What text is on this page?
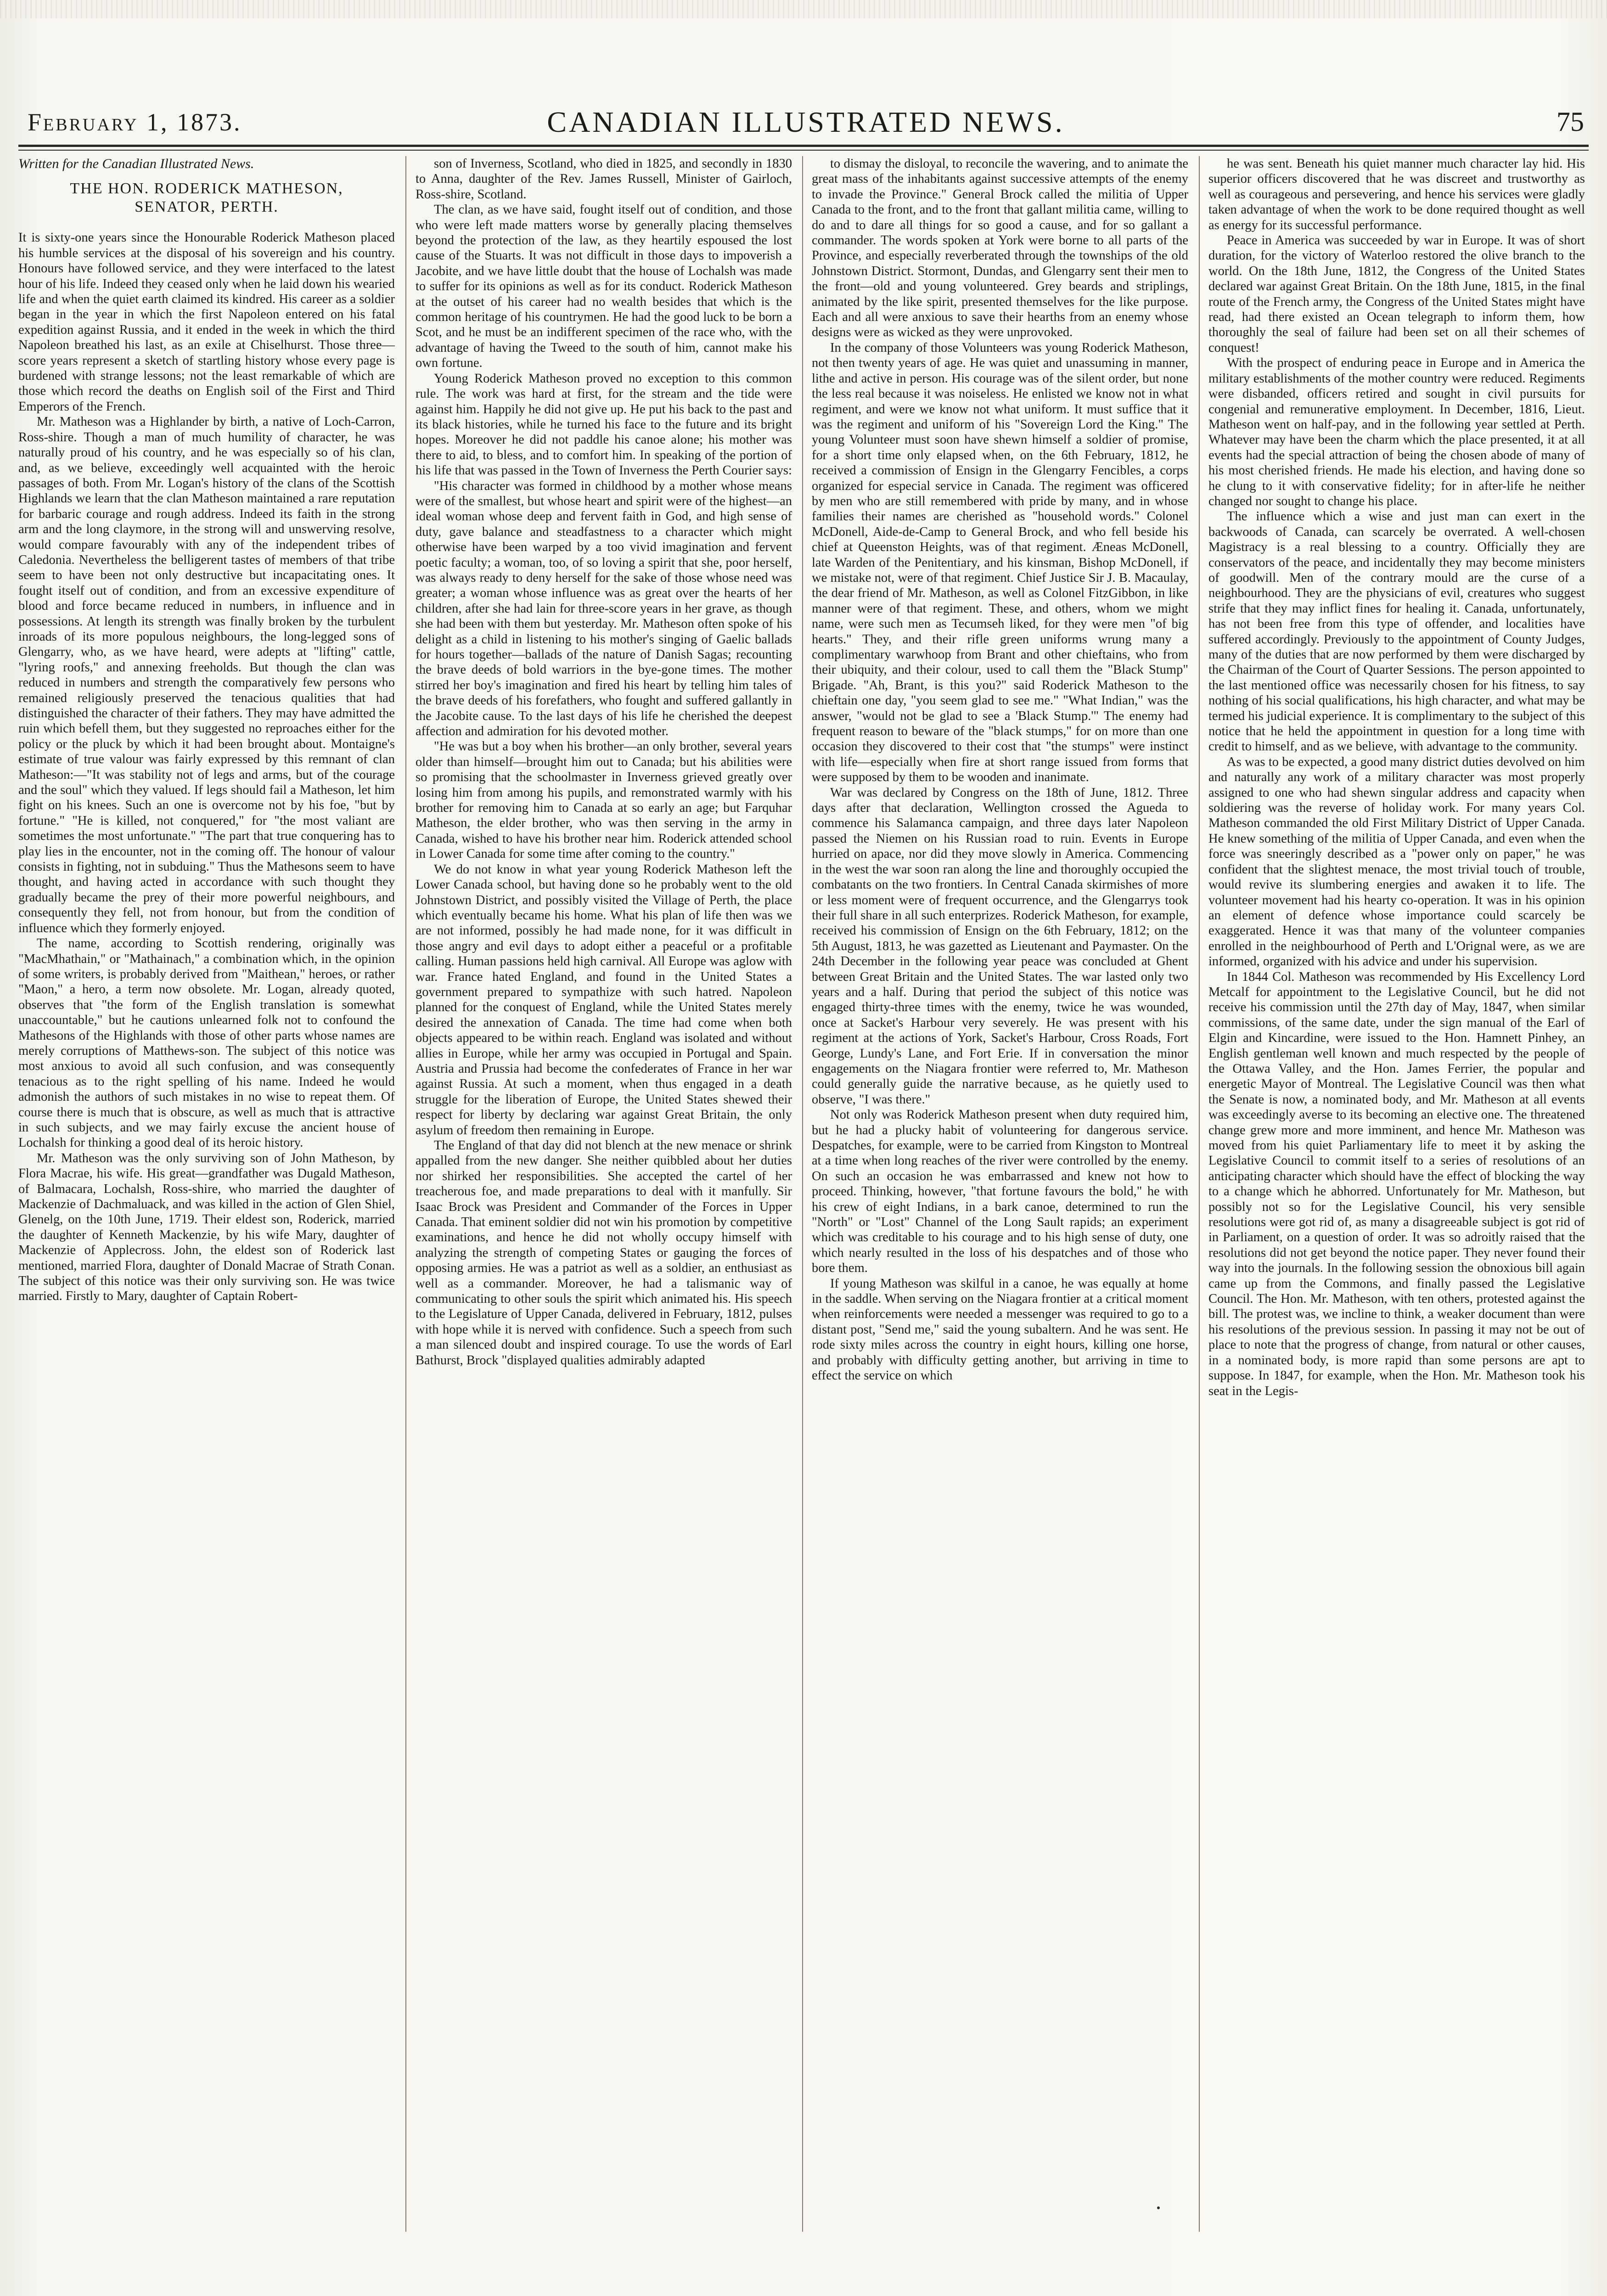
February 1, 1873.	CANADIAN ILLUSTRATED NEWS.	75
Written for the Canadian Illustrated News.
THE HON. RODERICK MATHESON,
SENATOR, PERTH.

It is sixty-one years since the Honourable Roderick Matheson placed his humble services at the disposal of his sovereign and his country. Honours have followed service, and they were interfaced to the latest hour of his life. Indeed they ceased only when he laid down his wearied life and when the quiet earth claimed its kindred. His career as a soldier began in the year in which the first Napoleon entered on his fatal expedition against Russia, and it ended in the week in which the third Napoleon breathed his last, as an exile at Chiselhurst. Those three—score years represent a sketch of startling history whose every page is burdened with strange lessons; not the least remarkable of which are those which record the deaths on English soil of the First and Third Emperors of the French.

Mr. Matheson was a Highlander by birth, a native of Loch-Carron, Ross-shire. Though a man of much humility of character, he was naturally proud of his country, and he was especially so of his clan, and, as we believe, exceedingly well acquainted with the heroic passages of both. From Mr. Logan's history of the clans of the Scottish Highlands we learn that the clan Matheson maintained a rare reputation for barbaric courage and rough address. Indeed its faith in the strong arm and the long claymore, in the strong will and unswerving resolve, would compare favourably with any of the independent tribes of Caledonia. Nevertheless the belligerent tastes of members of that tribe seem to have been not only destructive but incapacitating ones. It fought itself out of condition, and from an excessive expenditure of blood and force became reduced in numbers, in influence and in possessions. At length its strength was finally broken by the turbulent inroads of its more populous neighbours, the long-legged sons of Glengarry, who, as we have heard, were adepts at "lifting" cattle, "lyring roofs," and annexing freeholds. But though the clan was reduced in numbers and strength the comparatively few persons who remained religiously preserved the tenacious qualities that had distinguished the character of their fathers. They may have admitted the ruin which befell them, but they suggested no reproaches either for the policy or the pluck by which it had been brought about. Montaigne's estimate of true valour was fairly expressed by this remnant of clan Matheson:—"It was stability not of legs and arms, but of the courage and the soul" which they valued. If legs should fail a Matheson, let him fight on his knees. Such an one is overcome not by his foe, "but by fortune." "He is killed, not conquered," for "the most valiant are sometimes the most unfortunate." "The part that true conquering has to play lies in the encounter, not in the coming off. The honour of valour consists in fighting, not in subduing." Thus the Mathesons seem to have thought, and having acted in accordance with such thought they gradually became the prey of their more powerful neighbours, and consequently they fell, not from honour, but from the condition of influence which they formerly enjoyed.

The name, according to Scottish rendering, originally was "MacMhathain," or "Mathainach," a combination which, in the opinion of some writers, is probably derived from "Maithean," heroes, or rather "Maon," a hero, a term now obsolete. Mr. Logan, already quoted, observes that "the form of the English translation is somewhat unaccountable," but he cautions unlearned folk not to confound the Mathesons of the Highlands with those of other parts whose names are merely corruptions of Matthews-son. The subject of this notice was most anxious to avoid all such confusion, and was consequently tenacious as to the right spelling of his name. Indeed he would admonish the authors of such mistakes in no wise to repeat them. Of course there is much that is obscure, as well as much that is attractive in such subjects, and we may fairly excuse the ancient house of Lochalsh for thinking a good deal of its heroic history.

Mr. Matheson was the only surviving son of John Matheson, by Flora Macrae, his wife. His great—grandfather was Dugald Matheson, of Balmacara, Lochalsh, Ross-shire, who married the daughter of Mackenzie of Dachmaluack, and was killed in the action of Glen Shiel, Glenelg, on the 10th June, 1719. Their eldest son, Roderick, married the daughter of Kenneth Mackenzie, by his wife Mary, daughter of Mackenzie of Applecross. John, the eldest son of Roderick last mentioned, married Flora, daughter of Donald Macrae of Strath Conan. The subject of this notice was their only surviving son. He was twice married. Firstly to Mary, daughter of Captain Robert-

son of Inverness, Scotland, who died in 1825, and secondly in 1830 to Anna, daughter of the Rev. James Russell, Minister of Gairloch, Ross-shire, Scotland.

The clan, as we have said, fought itself out of condition, and those who were left made matters worse by generally placing themselves beyond the protection of the law, as they heartily espoused the lost cause of the Stuarts. It was not difficult in those days to impoverish a Jacobite, and we have little doubt that the house of Lochalsh was made to suffer for its opinions as well as for its conduct. Roderick Matheson at the outset of his career had no wealth besides that which is the common heritage of his countrymen. He had the good luck to be born a Scot, and he must be an indifferent specimen of the race who, with the advantage of having the Tweed to the south of him, cannot make his own fortune.

Young Roderick Matheson proved no exception to this common rule. The work was hard at first, for the stream and the tide were against him. Happily he did not give up. He put his back to the past and its black histories, while he turned his face to the future and its bright hopes. Moreover he did not paddle his canoe alone; his mother was there to aid, to bless, and to comfort him. In speaking of the portion of his life that was passed in the Town of Inverness the Perth Courier says:

"His character was formed in childhood by a mother whose means were of the smallest, but whose heart and spirit were of the highest—an ideal woman whose deep and fervent faith in God, and high sense of duty, gave balance and steadfastness to a character which might otherwise have been warped by a too vivid imagination and fervent poetic faculty; a woman, too, of so loving a spirit that she, poor herself, was always ready to deny herself for the sake of those whose need was greater; a woman whose influence was as great over the hearts of her children, after she had lain for three-score years in her grave, as though she had been with them but yesterday. Mr. Matheson often spoke of his delight as a child in listening to his mother's singing of Gaelic ballads for hours together—ballads of the nature of Danish Sagas; recounting the brave deeds of bold warriors in the bye-gone times. The mother stirred her boy's imagination and fired his heart by telling him tales of the brave deeds of his forefathers, who fought and suffered gallantly in the Jacobite cause. To the last days of his life he cherished the deepest affection and admiration for his devoted mother.

"He was but a boy when his brother—an only brother, several years older than himself—brought him out to Canada; but his abilities were so promising that the schoolmaster in Inverness grieved greatly over losing him from among his pupils, and remonstrated warmly with his brother for removing him to Canada at so early an age; but Farquhar Matheson, the elder brother, who was then serving in the army in Canada, wished to have his brother near him. Roderick attended school in Lower Canada for some time after coming to the country."

We do not know in what year young Roderick Matheson left the Lower Canada school, but having done so he probably went to the old Johnstown District, and possibly visited the Village of Perth, the place which eventually became his home. What his plan of life then was we are not informed, possibly he had made none, for it was difficult in those angry and evil days to adopt either a peaceful or a profitable calling. Human passions held high carnival. All Europe was aglow with war. France hated England, and found in the United States a government prepared to sympathize with such hatred. Napoleon planned for the conquest of England, while the United States merely desired the annexation of Canada. The time had come when both objects appeared to be within reach. England was isolated and without allies in Europe, while her army was occupied in Portugal and Spain. Austria and Prussia had become the confederates of France in her war against Russia. At such a moment, when thus engaged in a death struggle for the liberation of Europe, the United States shewed their respect for liberty by declaring war against Great Britain, the only asylum of freedom then remaining in Europe.

The England of that day did not blench at the new menace or shrink appalled from the new danger. She neither quibbled about her duties nor shirked her responsibilities. She accepted the cartel of her treacherous foe, and made preparations to deal with it manfully. Sir Isaac Brock was President and Commander of the Forces in Upper Canada. That eminent soldier did not win his promotion by competitive examinations, and hence he did not wholly occupy himself with analyzing the strength of competing States or gauging the forces of opposing armies. He was a patriot as well as a soldier, an enthusiast as well as a commander. Moreover, he had a talismanic way of communicating to other souls the spirit which animated his. His speech to the Legislature of Upper Canada, delivered in February, 1812, pulses with hope while it is nerved with confidence. Such a speech from such a man silenced doubt and inspired courage. To use the words of Earl Bathurst, Brock "displayed qualities admirably adapted

to dismay the disloyal, to reconcile the wavering, and to animate the great mass of the inhabitants against successive attempts of the enemy to invade the Province." General Brock called the militia of Upper Canada to the front, and to the front that gallant militia came, willing to do and to dare all things for so good a cause, and for so gallant a commander. The words spoken at York were borne to all parts of the Province, and especially reverberated through the townships of the old Johnstown District. Stormont, Dundas, and Glengarry sent their men to the front—old and young volunteered. Grey beards and striplings, animated by the like spirit, presented themselves for the like purpose. Each and all were anxious to save their hearths from an enemy whose designs were as wicked as they were unprovoked.

In the company of those Volunteers was young Roderick Matheson, not then twenty years of age. He was quiet and unassuming in manner, lithe and active in person. His courage was of the silent order, but none the less real because it was noiseless. He enlisted we know not in what regiment, and were we know not what uniform. It must suffice that it was the regiment and uniform of his "Sovereign Lord the King." The young Volunteer must soon have shewn himself a soldier of promise, for a short time only elapsed when, on the 6th February, 1812, he received a commission of Ensign in the Glengarry Fencibles, a corps organized for especial service in Canada. The regiment was officered by men who are still remembered with pride by many, and in whose families their names are cherished as "household words." Colonel McDonell, Aide-de-Camp to General Brock, and who fell beside his chief at Queenston Heights, was of that regiment. Æneas McDonell, late Warden of the Penitentiary, and his kinsman, Bishop McDonell, if we mistake not, were of that regiment. Chief Justice Sir J. B. Macaulay, the dear friend of Mr. Matheson, as well as Colonel FitzGibbon, in like manner were of that regiment. These, and others, whom we might name, were such men as Tecumseh liked, for they were men "of big hearts." They, and their rifle green uniforms wrung many a complimentary warwhoop from Brant and other chieftains, who from their ubiquity, and their colour, used to call them the "Black Stump" Brigade. "Ah, Brant, is this you?" said Roderick Matheson to the chieftain one day, "you seem glad to see me." "What Indian," was the answer, "would not be glad to see a 'Black Stump.'" The enemy had frequent reason to beware of the "black stumps," for on more than one occasion they discovered to their cost that "the stumps" were instinct with life—especially when fire at short range issued from forms that were supposed by them to be wooden and inanimate.

War was declared by Congress on the 18th of June, 1812. Three days after that declaration, Wellington crossed the Agueda to commence his Salamanca campaign, and three days later Napoleon passed the Niemen on his Russian road to ruin. Events in Europe hurried on apace, nor did they move slowly in America. Commencing in the west the war soon ran along the line and thoroughly occupied the combatants on the two frontiers. In Central Canada skirmishes of more or less moment were of frequent occurrence, and the Glengarrys took their full share in all such enterprizes. Roderick Matheson, for example, received his commission of Ensign on the 6th February, 1812; on the 5th August, 1813, he was gazetted as Lieutenant and Paymaster. On the 24th December in the following year peace was concluded at Ghent between Great Britain and the United States. The war lasted only two years and a half. During that period the subject of this notice was engaged thirty-three times with the enemy, twice he was wounded, once at Sacket's Harbour very severely. He was present with his regiment at the actions of York, Sacket's Harbour, Cross Roads, Fort George, Lundy's Lane, and Fort Erie. If in conversation the minor engagements on the Niagara frontier were referred to, Mr. Matheson could generally guide the narrative because, as he quietly used to observe, "I was there."

Not only was Roderick Matheson present when duty required him, but he had a plucky habit of volunteering for dangerous service. Despatches, for example, were to be carried from Kingston to Montreal at a time when long reaches of the river were controlled by the enemy. On such an occasion he was embarrassed and knew not how to proceed. Thinking, however, "that fortune favours the bold," he with his crew of eight Indians, in a bark canoe, determined to run the "North" or "Lost" Channel of the Long Sault rapids; an experiment which was creditable to his courage and to his high sense of duty, one which nearly resulted in the loss of his despatches and of those who bore them.

If young Matheson was skilful in a canoe, he was equally at home in the saddle. When serving on the Niagara frontier at a critical moment when reinforcements were needed a messenger was required to go to a distant post, "Send me," said the young subaltern. And he was sent. He rode sixty miles across the country in eight hours, killing one horse, and probably with difficulty getting another, but arriving in time to effect the service on which

he was sent. Beneath his quiet manner much character lay hid. His superior officers discovered that he was discreet and trustworthy as well as courageous and persevering, and hence his services were gladly taken advantage of when the work to be done required thought as well as energy for its successful performance.

Peace in America was succeeded by war in Europe. It was of short duration, for the victory of Waterloo restored the olive branch to the world. On the 18th June, 1812, the Congress of the United States declared war against Great Britain. On the 18th June, 1815, in the final route of the French army, the Congress of the United States might have read, had there existed an Ocean telegraph to inform them, how thoroughly the seal of failure had been set on all their schemes of conquest!

With the prospect of enduring peace in Europe and in America the military establishments of the mother country were reduced. Regiments were disbanded, officers retired and sought in civil pursuits for congenial and remunerative employment. In December, 1816, Lieut. Matheson went on half-pay, and in the following year settled at Perth. Whatever may have been the charm which the place presented, it at all events had the special attraction of being the chosen abode of many of his most cherished friends. He made his election, and having done so he clung to it with conservative fidelity; for in after-life he neither changed nor sought to change his place.

The influence which a wise and just man can exert in the backwoods of Canada, can scarcely be overrated. A well-chosen Magistracy is a real blessing to a country. Officially they are conservators of the peace, and incidentally they may become ministers of goodwill. Men of the contrary mould are the curse of a neighbourhood. They are the physicians of evil, creatures who suggest strife that they may inflict fines for healing it. Canada, unfortunately, has not been free from this type of offender, and localities have suffered accordingly. Previously to the appointment of County Judges, many of the duties that are now performed by them were discharged by the Chairman of the Court of Quarter Sessions. The person appointed to the last mentioned office was necessarily chosen for his fitness, to say nothing of his social qualifications, his high character, and what may be termed his judicial experience. It is complimentary to the subject of this notice that he held the appointment in question for a long time with credit to himself, and as we believe, with advantage to the community.

As was to be expected, a good many district duties devolved on him and naturally any work of a military character was most properly assigned to one who had shewn singular address and capacity when soldiering was the reverse of holiday work. For many years Col. Matheson commanded the old First Military District of Upper Canada. He knew something of the militia of Upper Canada, and even when the force was sneeringly described as a "power only on paper," he was confident that the slightest menace, the most trivial touch of trouble, would revive its slumbering energies and awaken it to life. The volunteer movement had his hearty co-operation. It was in his opinion an element of defence whose importance could scarcely be exaggerated. Hence it was that many of the volunteer companies enrolled in the neighbourhood of Perth and L'Orignal were, as we are informed, organized with his advice and under his supervision.

In 1844 Col. Matheson was recommended by His Excellency Lord Metcalf for appointment to the Legislative Council, but he did not receive his commission until the 27th day of May, 1847, when similar commissions, of the same date, under the sign manual of the Earl of Elgin and Kincardine, were issued to the Hon. Hamnett Pinhey, an English gentleman well known and much respected by the people of the Ottawa Valley, and the Hon. James Ferrier, the popular and energetic Mayor of Montreal. The Legislative Council was then what the Senate is now, a nominated body, and Mr. Matheson at all events was exceedingly averse to its becoming an elective one. The threatened change grew more and more imminent, and hence Mr. Matheson was moved from his quiet Parliamentary life to meet it by asking the Legislative Council to commit itself to a series of resolutions of an anticipating character which should have the effect of blocking the way to a change which he abhorred. Unfortunately for Mr. Matheson, but possibly not so for the Legislative Council, his very sensible resolutions were got rid of, as many a disagreeable subject is got rid of in Parliament, on a question of order. It was so adroitly raised that the resolutions did not get beyond the notice paper. They never found their way into the journals. In the following session the obnoxious bill again came up from the Commons, and finally passed the Legislative Council. The Hon. Mr. Matheson, with ten others, protested against the bill. The protest was, we incline to think, a weaker document than were his resolutions of the previous session. In passing it may not be out of place to note that the progress of change, from natural or other causes, in a nominated body, is more rapid than some persons are apt to suppose. In 1847, for example, when the Hon. Mr. Matheson took his seat in the Legis-
